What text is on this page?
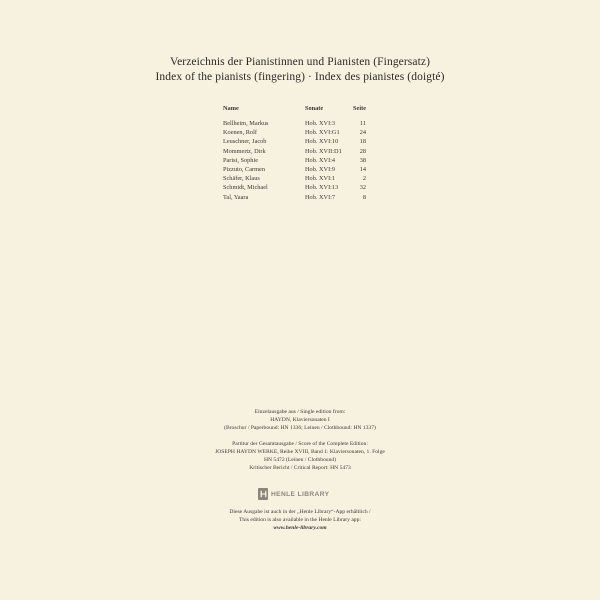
Verzeichnis der Pianistinnen und Pianisten (Fingersatz)
Index of the pianists (fingering) · Index des pianistes (doigté)
Name	Sonate	Seite
Bellheim, Markus	Hob. XVI:3	11
Koenen, Rolf	Hob. XVI:G1	24
Leuschner, Jacob	Hob. XVI:10	18
Mommertz, Dirk	Hob. XVII:D1	28
Parisi, Sophie	Hob. XVI:4	38
Pizzuto, Carmen	Hob. XVI:9	14
Schäfer, Klaus	Hob. XVI:1	2
Schmidt, Michael	Hob. XVI:13	32
Tal, Yaara	Hob. XVI:7	8
Einzelausgabe aus / Single edition from:
HAYDN, Klaviersonaten I
(Broschur / Paperbound: HN 1336; Leinen / Clothbound: HN 1337)
Partitur der Gesamtausgabe / Score of the Complete Edition:
JOSEPH HAYDN WERKE, Reihe XVIII, Band 1: Klaviersonaten, 1. Folge
HN 5472 (Leinen / Clothbound)
Kritischer Bericht / Critical Report: HN 5473
HENLE LIBRARY
Diese Ausgabe ist auch in der „Henle Library“-App erhältlich /
This edition is also available in the Henle Library app:
www.henle-library.com
